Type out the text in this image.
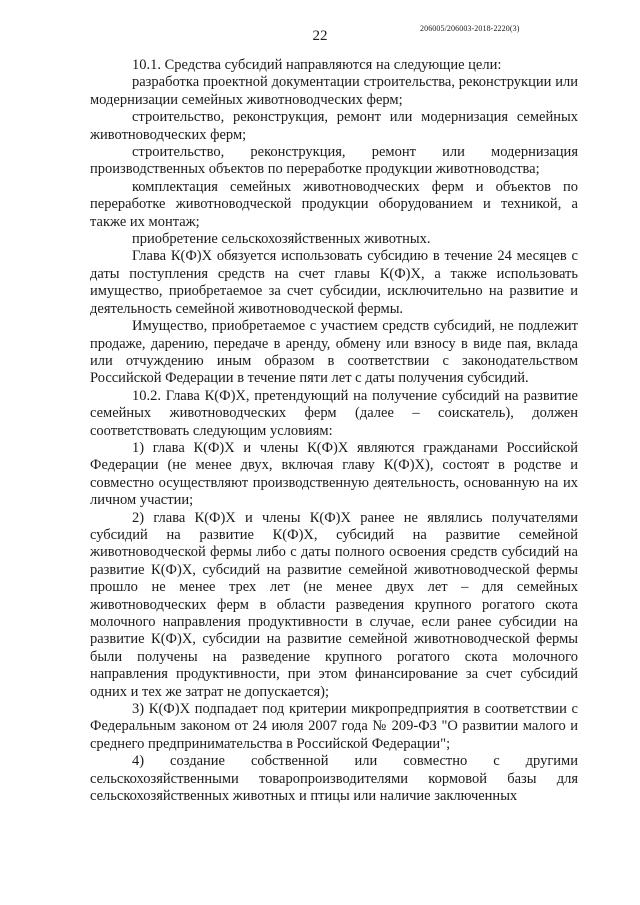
22	206005/206003-2018-2220(3)

10.1. Средства субсидий направляются на следующие цели:

разработка проектной документации строительства, реконструкции или модернизации семейных животноводческих ферм;

строительство, реконструкция, ремонт или модернизация семейных животноводческих ферм;

строительство, реконструкция, ремонт или модернизация производственных объектов по переработке продукции животноводства;

комплектация семейных животноводческих ферм и объектов по переработке животноводческой продукции оборудованием и техникой, а также их монтаж;

приобретение сельскохозяйственных животных.

Глава К(Ф)Х обязуется использовать субсидию в течение 24 месяцев с даты поступления средств на счет главы К(Ф)Х, а также использовать имущество, приобретаемое за счет субсидии, исключительно на развитие и деятельность семейной животноводческой фермы.

Имущество, приобретаемое с участием средств субсидий, не подлежит продаже, дарению, передаче в аренду, обмену или взносу в виде пая, вклада или отчуждению иным образом в соответствии с законодательством Российской Федерации в течение пяти лет с даты получения субсидий.

10.2. Глава К(Ф)Х, претендующий на получение субсидий на развитие семейных животноводческих ферм (далее – соискатель), должен соответствовать следующим условиям:

1) глава К(Ф)Х и члены К(Ф)Х являются гражданами Российской Федерации (не менее двух, включая главу К(Ф)Х), состоят в родстве и совместно осуществляют производственную деятельность, основанную на их личном участии;

2) глава К(Ф)Х и члены К(Ф)Х ранее не являлись получателями субсидий на развитие К(Ф)Х, субсидий на развитие семейной животноводческой фермы либо с даты полного освоения средств субсидий на развитие К(Ф)Х, субсидий на развитие семейной животноводческой фермы прошло не менее трех лет (не менее двух лет – для семейных животноводческих ферм в области разведения крупного рогатого скота молочного направления продуктивности в случае, если ранее субсидии на развитие К(Ф)Х, субсидии на развитие семейной животноводческой фермы были получены на разведение крупного рогатого скота молочного направления продуктивности, при этом финансирование за счет субсидий одних и тех же затрат не допускается);

3) К(Ф)Х подпадает под критерии микропредприятия в соответствии с Федеральным законом от 24 июля 2007 года № 209-ФЗ "О развитии малого и среднего предпринимательства в Российской Федерации";

4) создание собственной или совместно с другими сельскохозяйственными товаропроизводителями кормовой базы для сельскохозяйственных животных и птицы или наличие заключенных
